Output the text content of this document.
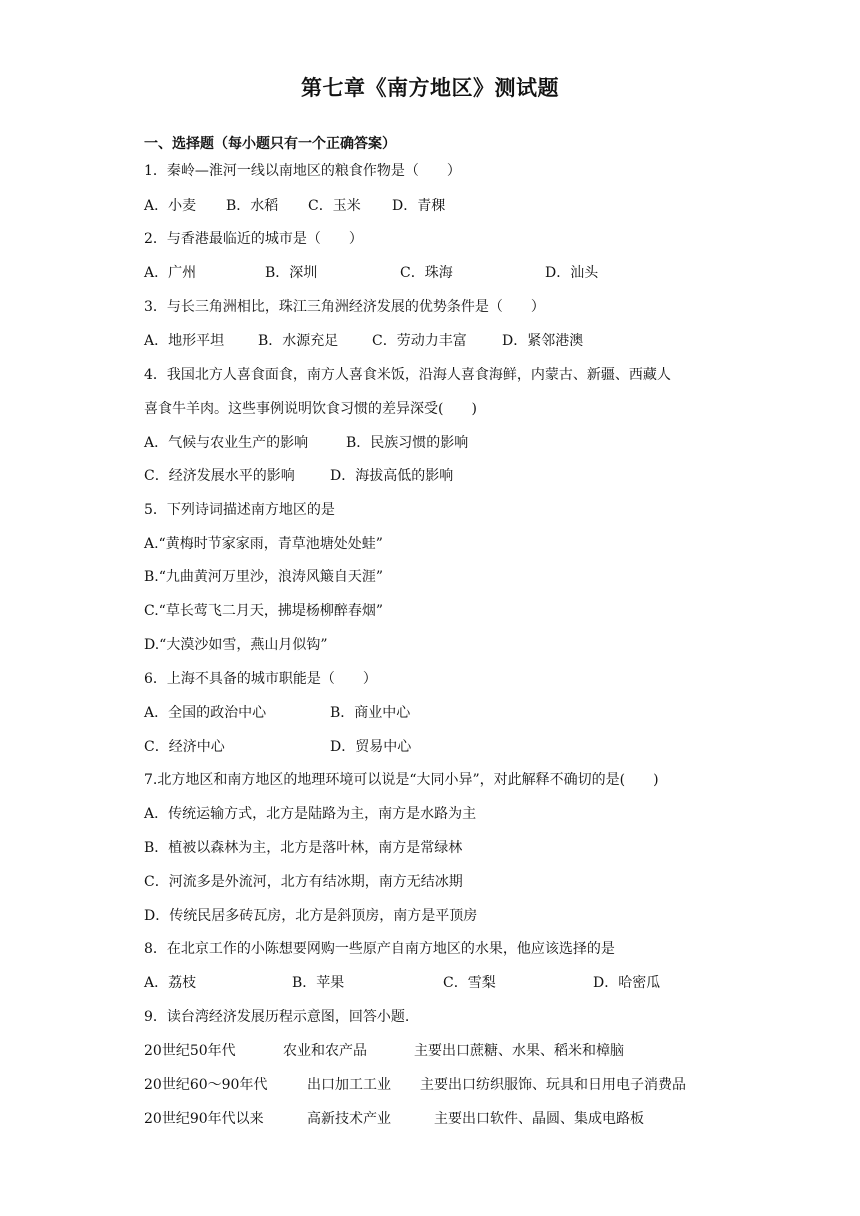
第七章《南方地区》测试题
一、选择题（每小题只有一个正确答案）
1．秦岭—淮河一线以南地区的粮食作物是（　　）
A．小麦 B．水稻 C．玉米 D．青稞
2．与香港最临近的城市是（　　）
A．广州	B．深圳	C．珠海	D．汕头
3．与长三角洲相比，珠江三角洲经济发展的优势条件是（　　）
A．地形平坦 B．水源充足 C．劳动力丰富	D．紧邻港澳
4．我国北方人喜食面食，南方人喜食米饭，沿海人喜食海鲜，内蒙古、新疆、西藏人
喜食牛羊肉。这些事例说明饮食习惯的差异深受(　　)
A．气候与农业生产的影响	B．民族习惯的影响
C．经济发展水平的影响	D．海拔高低的影响
5．下列诗词描述南方地区的是
A.“黄梅时节家家雨，青草池塘处处蛙”
B.“九曲黄河万里沙，浪涛风簸自天涯”
C.“草长莺飞二月天，拂堤杨柳醉春烟”
D.“大漠沙如雪，燕山月似钩”
6．上海不具备的城市职能是（　　）
A．全国的政治中心	B．商业中心
C．经济中心	D．贸易中心
7.北方地区和南方地区的地理环境可以说是“大同小异”，对此解释不确切的是(　　)
A．传统运输方式，北方是陆路为主，南方是水路为主
B．植被以森林为主，北方是落叶林，南方是常绿林
C．河流多是外流河，北方有结冰期，南方无结冰期
D．传统民居多砖瓦房，北方是斜顶房，南方是平顶房
8．在北京工作的小陈想要网购一些原产自南方地区的水果，他应该选择的是
A．荔枝	B．苹果	C．雪梨	D．哈密瓜
9．读台湾经济发展历程示意图，回答小题.
20世纪50年代	农业和农产品	主要出口蔗糖、水果、稻米和樟脑
20世纪60～90年代	出口加工工业 主要出口纺织服饰、玩具和日用电子消费品
20世纪90年代以来	高新技术产业	主要出口软件、晶圆、集成电路板
